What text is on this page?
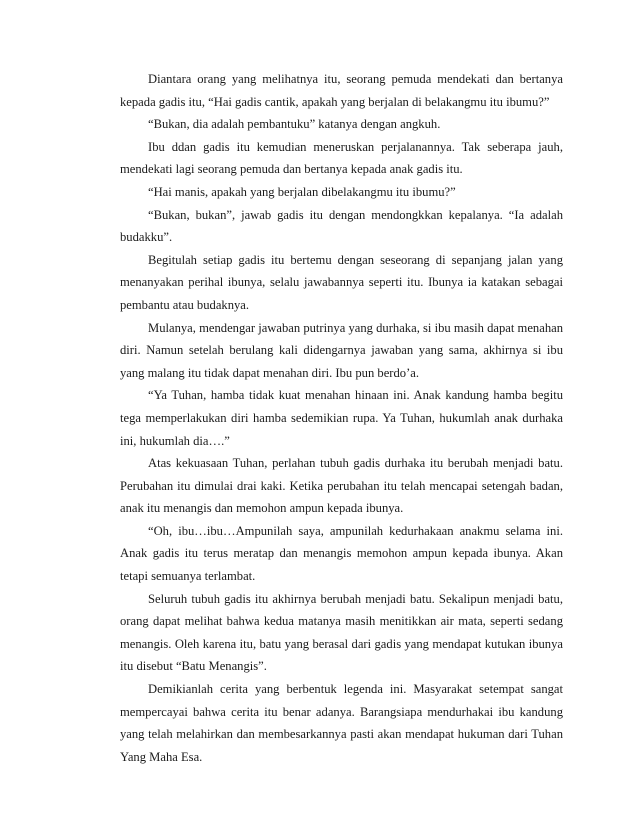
Diantara orang yang melihatnya itu, seorang pemuda mendekati dan bertanya kepada gadis itu, “Hai gadis cantik, apakah yang berjalan di belakangmu itu ibumu?”

“Bukan, dia adalah pembantuku” katanya dengan angkuh.

Ibu ddan gadis itu kemudian meneruskan perjalanannya. Tak seberapa jauh, mendekati lagi seorang pemuda dan bertanya kepada anak gadis itu.

“Hai manis, apakah yang berjalan dibelakangmu itu ibumu?”

“Bukan, bukan”, jawab gadis itu dengan mendongkkan kepalanya. “Ia adalah budakku”.

Begitulah setiap gadis itu bertemu dengan seseorang di sepanjang jalan yang menanyakan perihal ibunya, selalu jawabannya seperti itu. Ibunya ia katakan sebagai pembantu atau budaknya.

Mulanya, mendengar jawaban putrinya yang durhaka, si ibu masih dapat menahan diri. Namun setelah berulang kali didengarnya jawaban yang sama, akhirnya si ibu yang malang itu tidak dapat menahan diri. Ibu pun berdo’a.

“Ya Tuhan, hamba tidak kuat menahan hinaan ini. Anak kandung hamba begitu tega memperlakukan diri hamba sedemikian rupa. Ya Tuhan, hukumlah anak durhaka ini, hukumlah dia….”

Atas kekuasaan Tuhan, perlahan tubuh gadis durhaka itu berubah menjadi batu. Perubahan itu dimulai drai kaki. Ketika perubahan itu telah mencapai setengah badan, anak itu menangis dan memohon ampun kepada ibunya.

“Oh, ibu…ibu…Ampunilah saya, ampunilah kedurhakaan anakmu selama ini. Anak gadis itu terus meratap dan menangis memohon ampun kepada ibunya. Akan tetapi semuanya terlambat.

Seluruh tubuh gadis itu akhirnya berubah menjadi batu. Sekalipun menjadi batu, orang dapat melihat bahwa kedua matanya masih menitikkan air mata, seperti sedang menangis. Oleh karena itu, batu yang berasal dari gadis yang mendapat kutukan ibunya itu disebut “Batu Menangis”.

Demikianlah cerita yang berbentuk legenda ini. Masyarakat setempat sangat mempercayai bahwa cerita itu benar adanya. Barangsiapa mendurhakai ibu kandung yang telah melahirkan dan membesarkannya pasti akan mendapat hukuman dari Tuhan Yang Maha Esa.
